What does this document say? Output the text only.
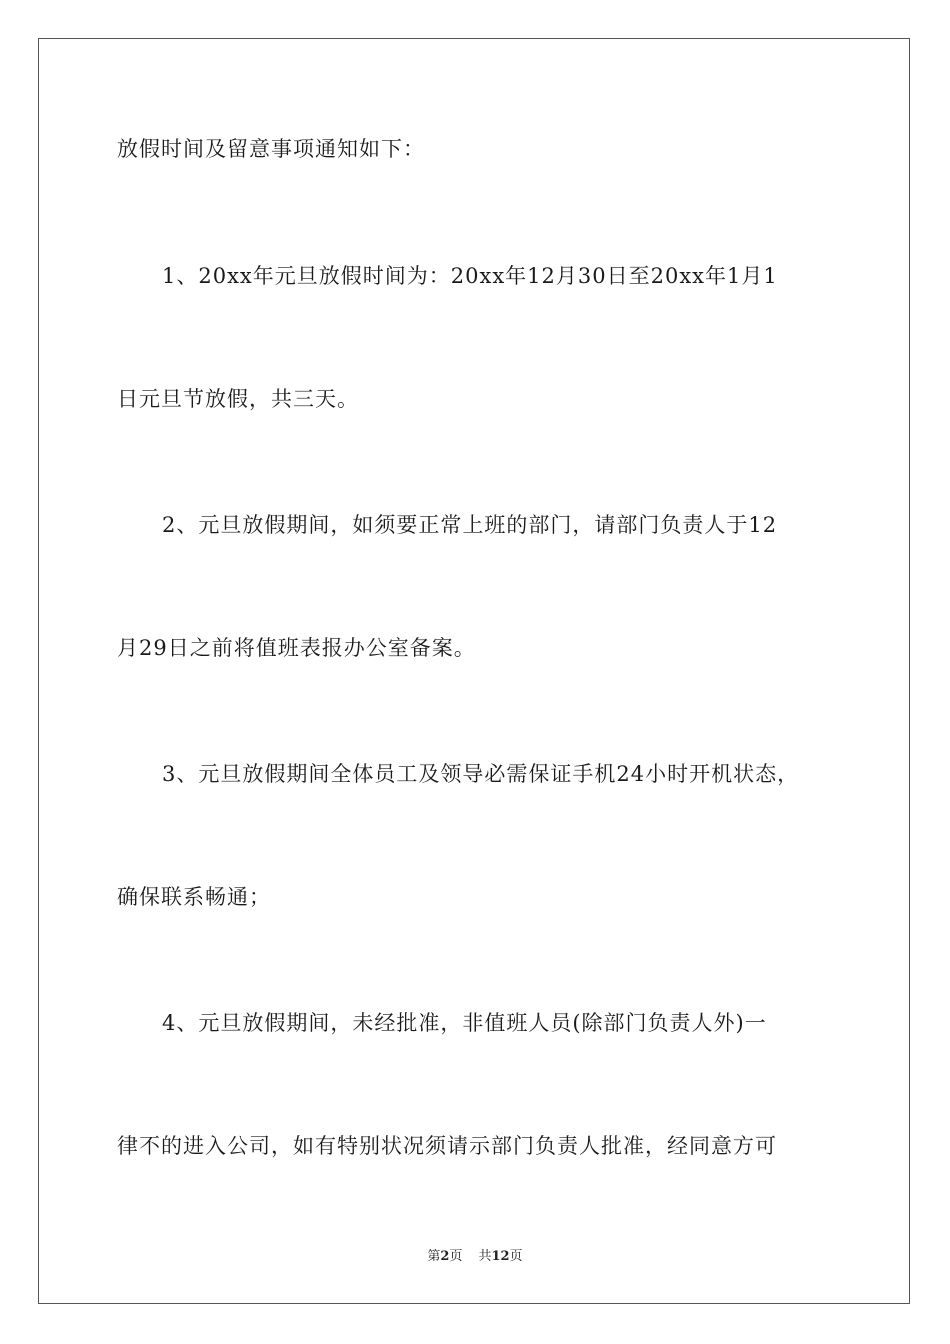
放假时间及留意事项通知如下：
1、20xx年元旦放假时间为：20xx年12月30日至20xx年1月1
日元旦节放假，共三天。
2、元旦放假期间，如须要正常上班的部门，请部门负责人于12
月29日之前将值班表报办公室备案。
3、元旦放假期间全体员工及领导必需保证手机24小时开机状态，
确保联系畅通；
4、元旦放假期间，未经批准，非值班人员(除部门负责人外)一
律不的进入公司，如有特别状况须请示部门负责人批准，经同意方可
第2页 共12页
